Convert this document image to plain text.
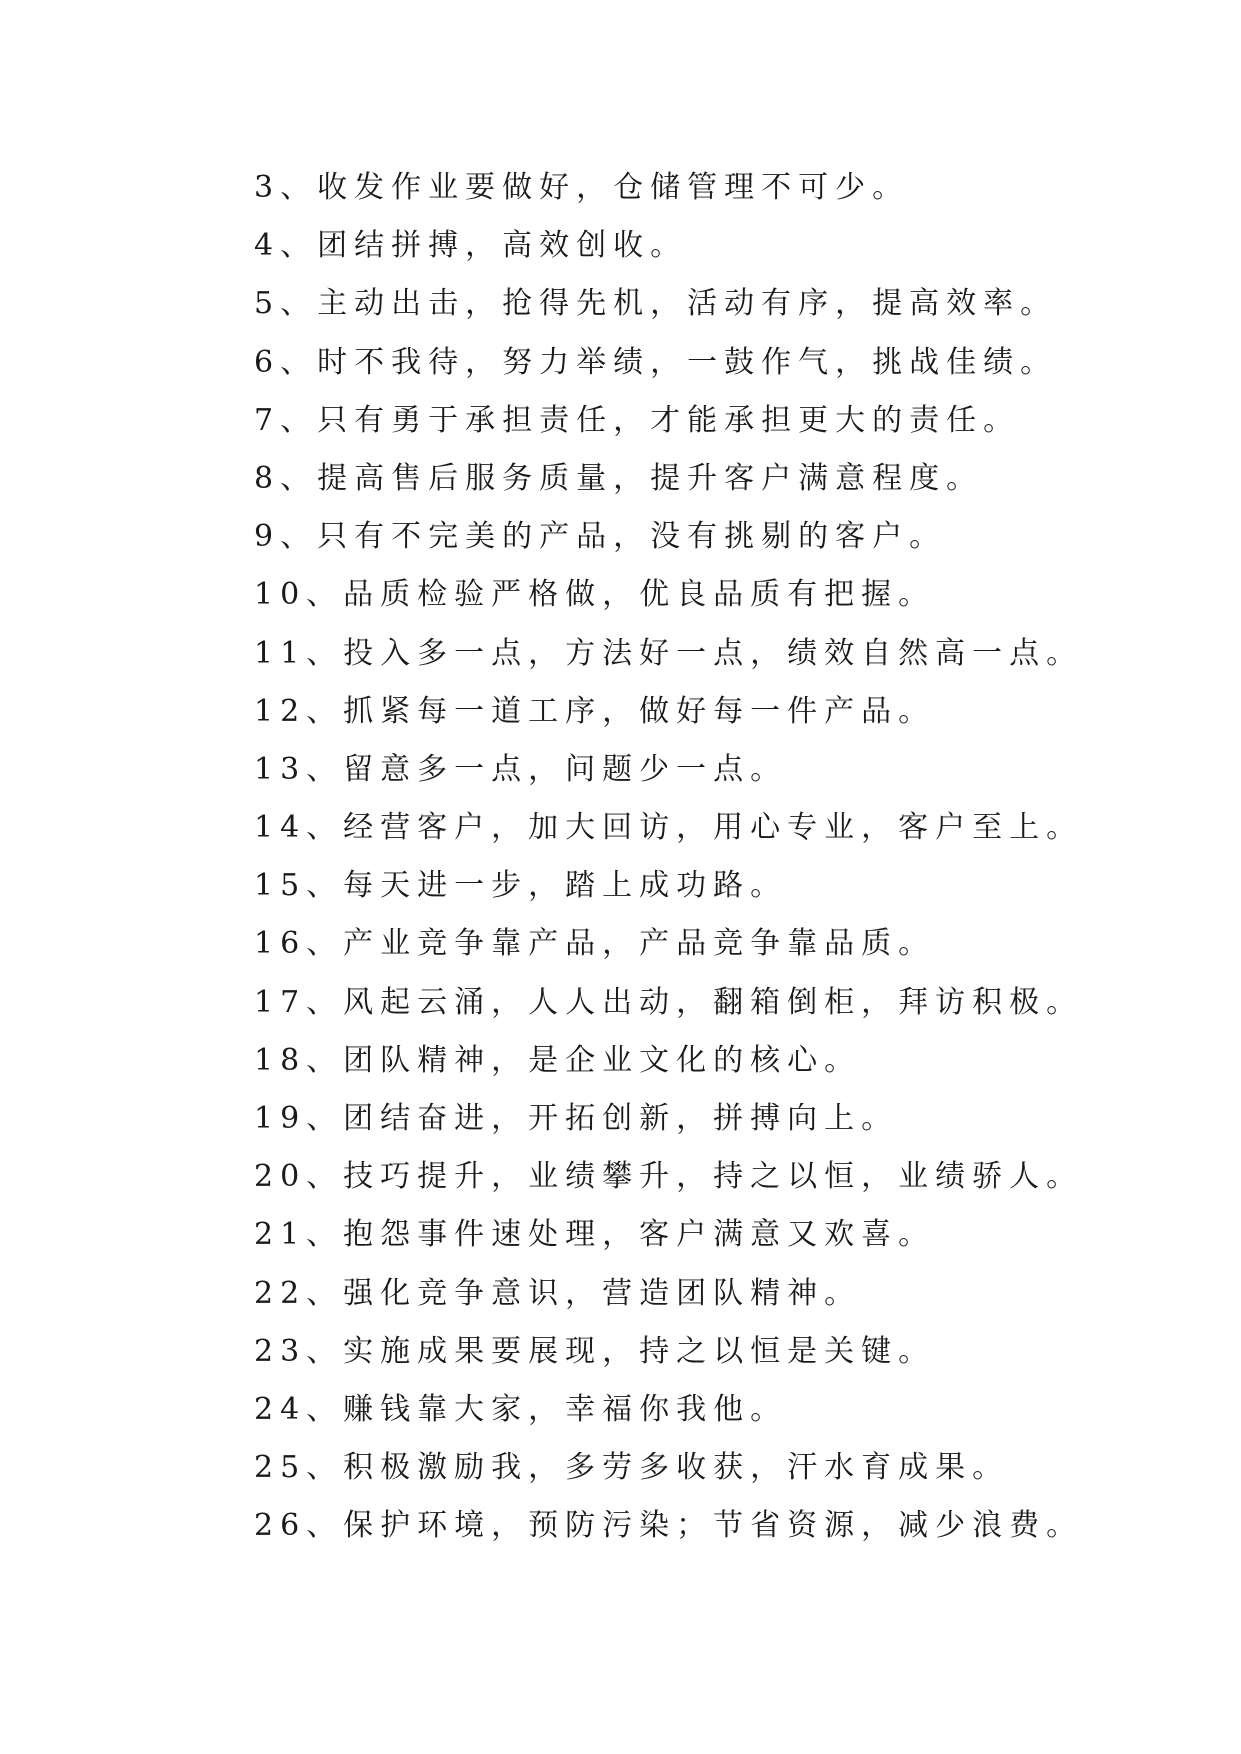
3、收发作业要做好，仓储管理不可少。
4、团结拼搏，高效创收。
5、主动出击，抢得先机，活动有序，提高效率。
6、时不我待，努力举绩，一鼓作气，挑战佳绩。
7、只有勇于承担责任，才能承担更大的责任。
8、提高售后服务质量，提升客户满意程度。
9、只有不完美的产品，没有挑剔的客户。
10、品质检验严格做，优良品质有把握。
11、投入多一点，方法好一点，绩效自然高一点。
12、抓紧每一道工序，做好每一件产品。
13、留意多一点，问题少一点。
14、经营客户，加大回访，用心专业，客户至上。
15、每天进一步，踏上成功路。
16、产业竞争靠产品，产品竞争靠品质。
17、风起云涌，人人出动，翻箱倒柜，拜访积极。
18、团队精神，是企业文化的核心。
19、团结奋进，开拓创新，拼搏向上。
20、技巧提升，业绩攀升，持之以恒，业绩骄人。
21、抱怨事件速处理，客户满意又欢喜。
22、强化竞争意识，营造团队精神。
23、实施成果要展现，持之以恒是关键。
24、赚钱靠大家，幸福你我他。
25、积极激励我，多劳多收获，汗水育成果。
26、保护环境，预防污染；节省资源，减少浪费。
